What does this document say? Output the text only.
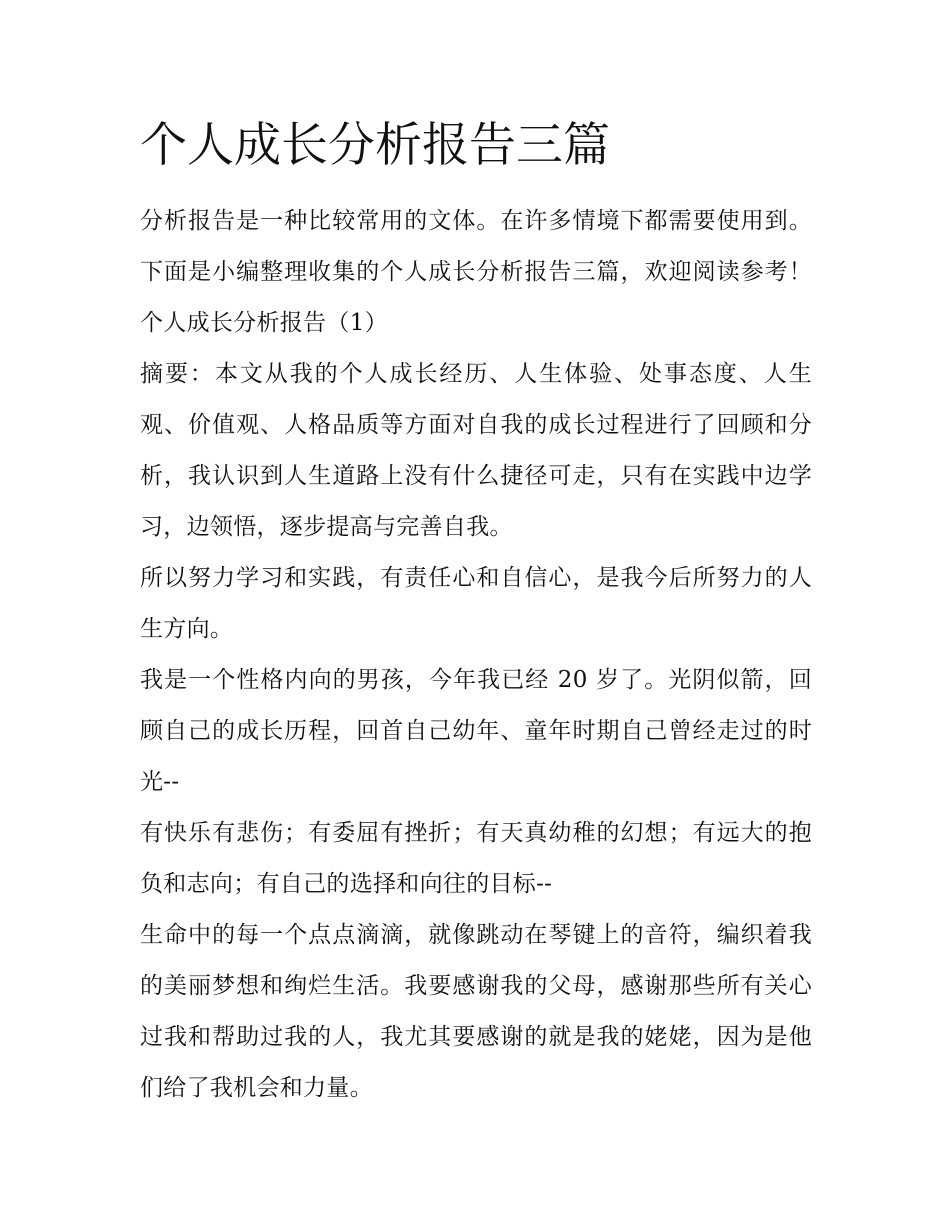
个人成长分析报告三篇

分析报告是一种比较常用的文体。在许多情境下都需要使用到。下面是小编整理收集的个人成长分析报告三篇，欢迎阅读参考！ 个人成长分析报告（1）

摘要：本文从我的个人成长经历、人生体验、处事态度、人生观、价值观、人格品质等方面对自我的成长过程进行了回顾和分析，我认识到人生道路上没有什么捷径可走，只有在实践中边学习，边领悟，逐步提高与完善自我。

所以努力学习和实践，有责任心和自信心，是我今后所努力的人生方向。

我是一个性格内向的男孩，今年我已经 20 岁了。光阴似箭，回顾自己的成长历程，回首自己幼年、童年时期自己曾经走过的时光--

有快乐有悲伤；有委屈有挫折；有天真幼稚的幻想；有远大的抱负和志向；有自己的选择和向往的目标--

生命中的每一个点点滴滴，就像跳动在琴键上的音符，编织着我的美丽梦想和绚烂生活。我要感谢我的父母，感谢那些所有关心过我和帮助过我的人，我尤其要感谢的就是我的姥姥，因为是他们给了我机会和力量。
